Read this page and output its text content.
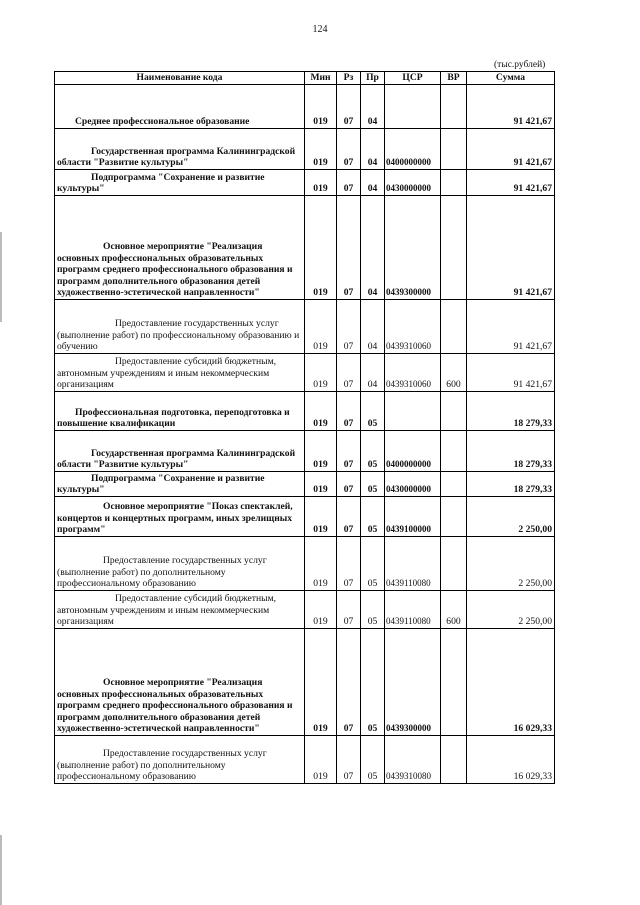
124
(тыс.рублей)
Наименование кода	Мин	Рз	Пр	ЦСР	ВР	Сумма
Среднее профессиональное образование	019	07	04			91 421,67
Государственная программа Калининградской области "Развитие культуры"	019	07	04	0400000000		91 421,67
Подпрограмма "Сохранение и развитие культуры"	019	07	04	0430000000		91 421,67
Основное мероприятие "Реализация основных профессиональных образовательных программ среднего профессионального образования и программ дополнительного образования детей художественно-эстетической направленности"	019	07	04	0439300000		91 421,67
Предоставление государственных услуг (выполнение работ) по профессиональному образованию и обучению	019	07	04	0439310060		91 421,67
Предоставление субсидий бюджетным, автономным учреждениям и иным некоммерческим организациям	019	07	04	0439310060	600	91 421,67
Профессиональная подготовка, переподготовка и повышение квалификации	019	07	05			18 279,33
Государственная программа Калининградской области "Развитие культуры"	019	07	05	0400000000		18 279,33
Подпрограмма "Сохранение и развитие культуры"	019	07	05	0430000000		18 279,33
Основное мероприятие "Показ спектаклей, концертов и концертных программ, иных зрелищных программ"	019	07	05	0439100000		2 250,00
Предоставление государственных услуг (выполнение работ) по дополнительному профессиональному образованию	019	07	05	0439110080		2 250,00
Предоставление субсидий бюджетным, автономным учреждениям и иным некоммерческим организациям	019	07	05	0439110080	600	2 250,00
Основное мероприятие "Реализация основных профессиональных образовательных программ среднего профессионального образования и программ дополнительного образования детей художественно-эстетической направленности"	019	07	05	0439300000		16 029,33
Предоставление государственных услуг (выполнение работ) по дополнительному профессиональному образованию	019	07	05	0439310080		16 029,33
